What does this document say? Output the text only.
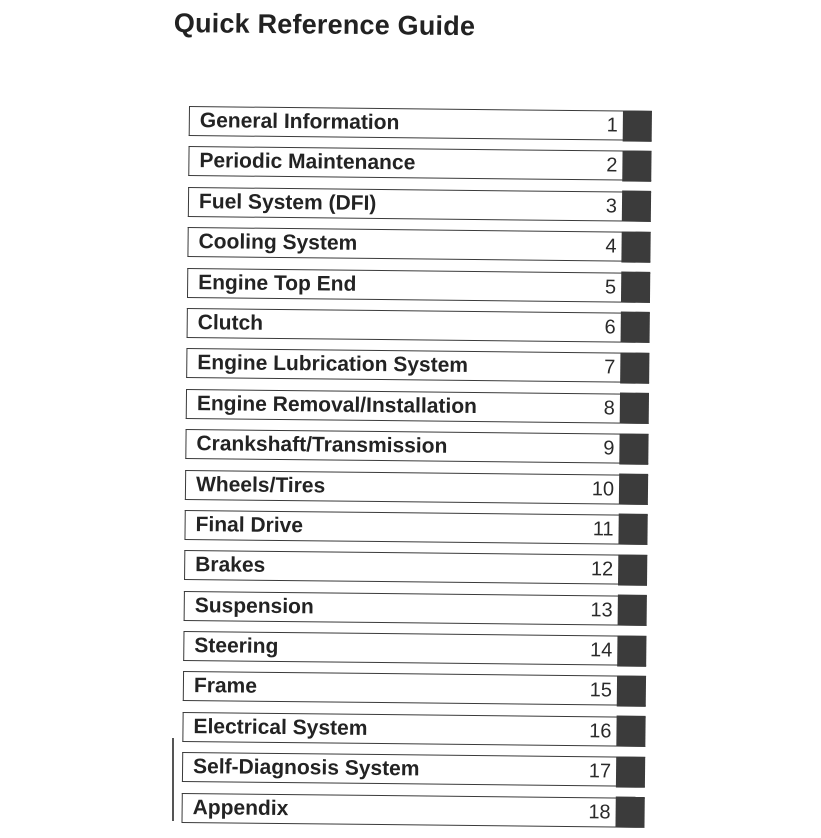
Quick Reference Guide
General Information	1
Periodic Maintenance	2
Fuel System (DFI)	3
Cooling System	4
Engine Top End	5
Clutch	6
Engine Lubrication System	7
Engine Removal/Installation	8
Crankshaft/Transmission	9
Wheels/Tires	10
Final Drive	11
Brakes	12
Suspension	13
Steering	14
Frame	15
Electrical System	16
Self-Diagnosis System	17
Appendix	18
